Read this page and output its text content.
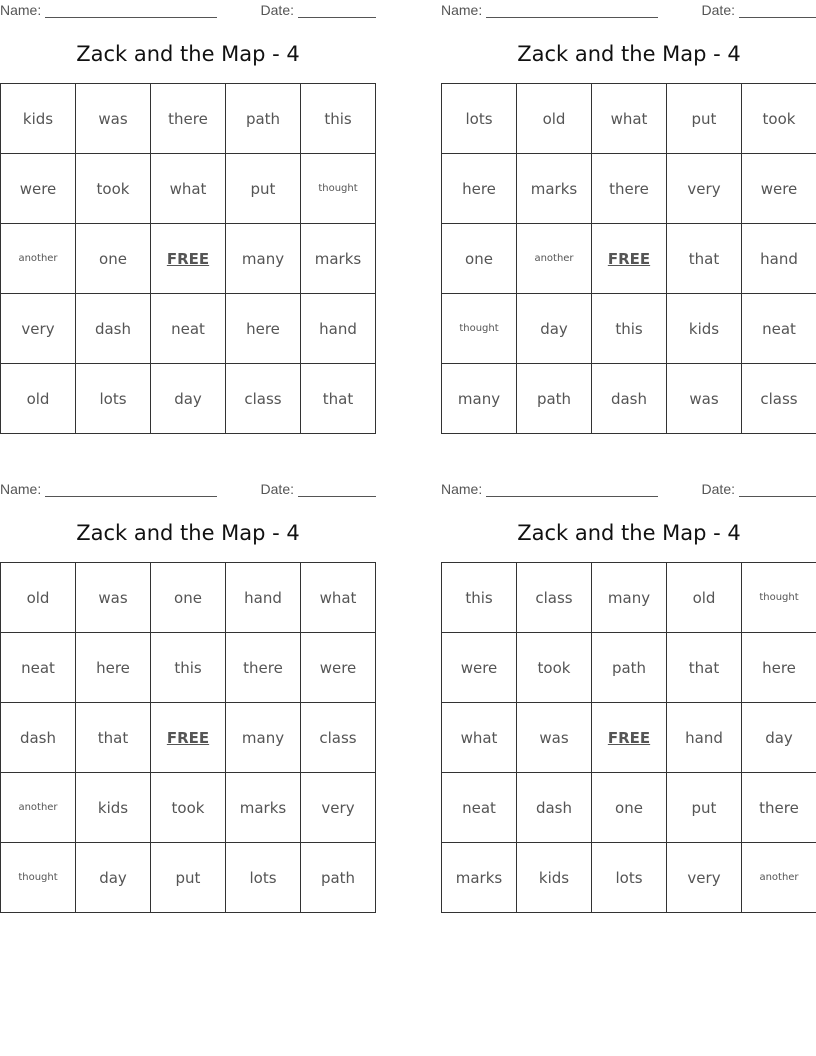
Name:	Date:
Zack and the Map - 4
kids	was	there	path	this
were	took	what	put	thought
another	one	FREE	many	marks
very	dash	neat	here	hand
old	lots	day	class	that
Name:	Date:
Zack and the Map - 4
lots	old	what	put	took
here	marks	there	very	were
one	another	FREE	that	hand
thought	day	this	kids	neat
many	path	dash	was	class
Name:	Date:
Zack and the Map - 4
old	was	one	hand	what
neat	here	this	there	were
dash	that	FREE	many	class
another	kids	took	marks	very
thought	day	put	lots	path
Name:	Date:
Zack and the Map - 4
this	class	many	old	thought
were	took	path	that	here
what	was	FREE	hand	day
neat	dash	one	put	there
marks	kids	lots	very	another
